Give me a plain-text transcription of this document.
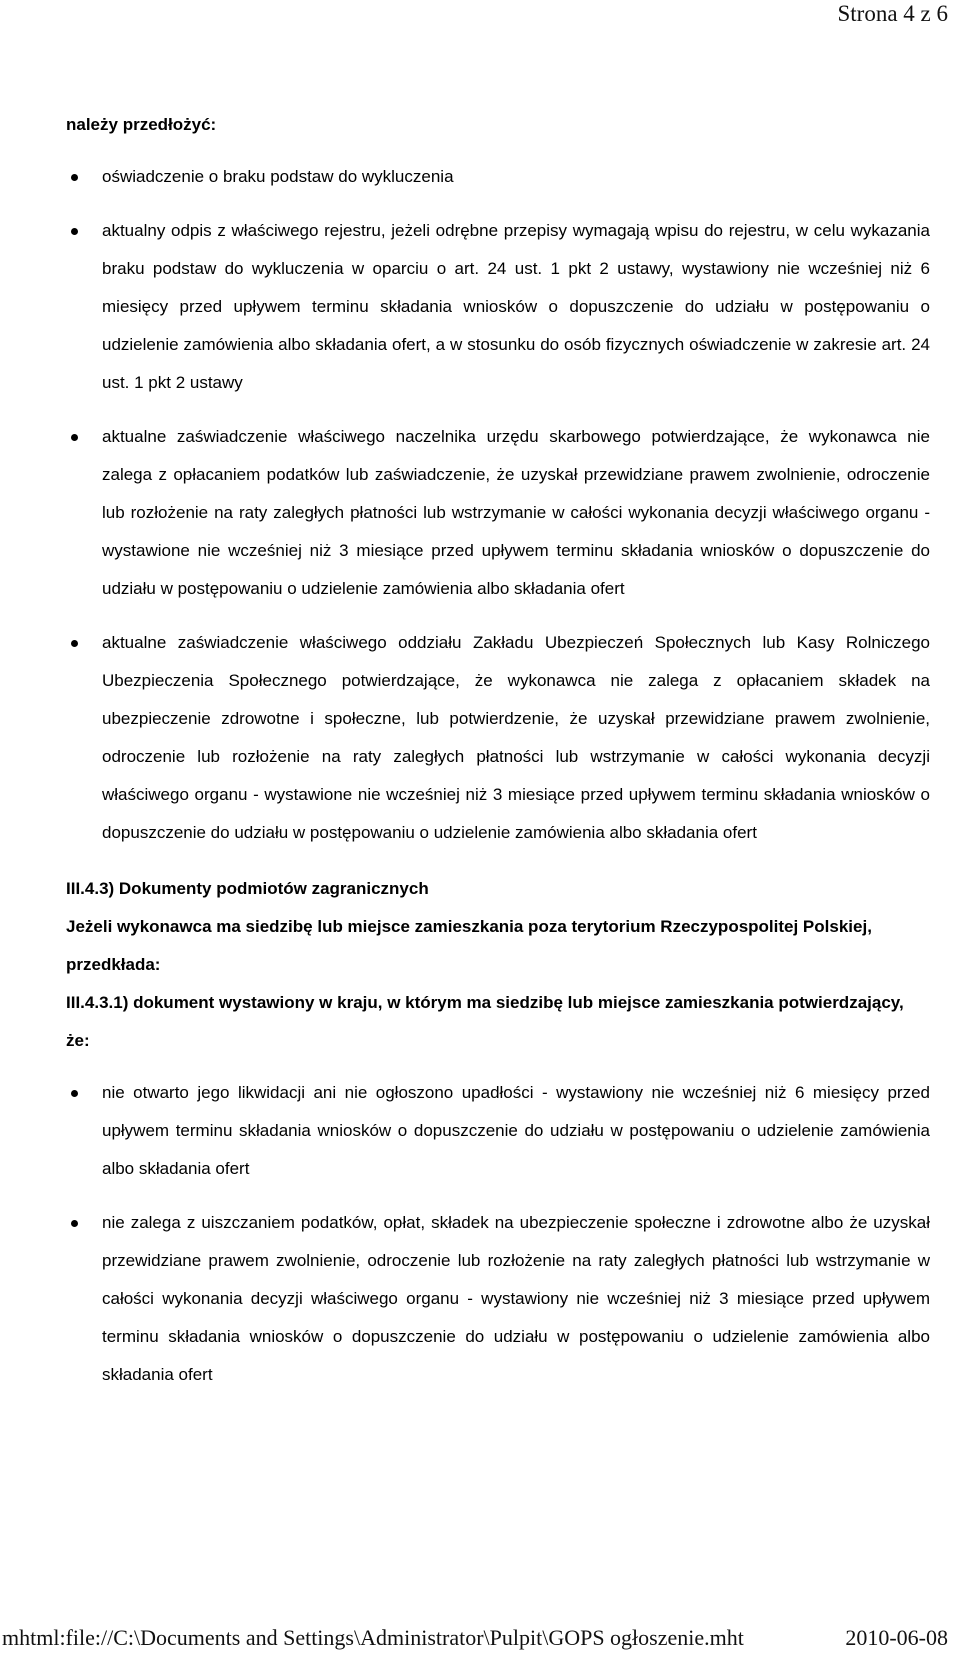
Strona 4 z 6

należy przedłożyć:

oświadczenie o braku podstaw do wykluczenia
aktualny odpis z właściwego rejestru, jeżeli odrębne przepisy wymagają wpisu do rejestru, w celu wykazania braku podstaw do wykluczenia w oparciu o art. 24 ust. 1 pkt 2 ustawy, wystawiony nie wcześniej niż 6 miesięcy przed upływem terminu składania wniosków o dopuszczenie do udziału w postępowaniu o udzielenie zamówienia albo składania ofert, a w stosunku do osób fizycznych oświadczenie w zakresie art. 24 ust. 1 pkt 2 ustawy
aktualne zaświadczenie właściwego naczelnika urzędu skarbowego potwierdzające, że wykonawca nie zalega z opłacaniem podatków lub zaświadczenie, że uzyskał przewidziane prawem zwolnienie, odroczenie lub rozłożenie na raty zaległych płatności lub wstrzymanie w całości wykonania decyzji właściwego organu - wystawione nie wcześniej niż 3 miesiące przed upływem terminu składania wniosków o dopuszczenie do udziału w postępowaniu o udzielenie zamówienia albo składania ofert
aktualne zaświadczenie właściwego oddziału Zakładu Ubezpieczeń Społecznych lub Kasy Rolniczego Ubezpieczenia Społecznego potwierdzające, że wykonawca nie zalega z opłacaniem składek na ubezpieczenie zdrowotne i społeczne, lub potwierdzenie, że uzyskał przewidziane prawem zwolnienie, odroczenie lub rozłożenie na raty zaległych płatności lub wstrzymanie w całości wykonania decyzji właściwego organu - wystawione nie wcześniej niż 3 miesiące przed upływem terminu składania wniosków o dopuszczenie do udziału w postępowaniu o udzielenie zamówienia albo składania ofert

III.4.3) Dokumenty podmiotów zagranicznych

Jeżeli wykonawca ma siedzibę lub miejsce zamieszkania poza terytorium Rzeczypospolitej Polskiej, przedkłada:

III.4.3.1) dokument wystawiony w kraju, w którym ma siedzibę lub miejsce zamieszkania potwierdzający, że:

nie otwarto jego likwidacji ani nie ogłoszono upadłości - wystawiony nie wcześniej niż 6 miesięcy przed upływem terminu składania wniosków o dopuszczenie do udziału w postępowaniu o udzielenie zamówienia albo składania ofert
nie zalega z uiszczaniem podatków, opłat, składek na ubezpieczenie społeczne i zdrowotne albo że uzyskał przewidziane prawem zwolnienie, odroczenie lub rozłożenie na raty zaległych płatności lub wstrzymanie w całości wykonania decyzji właściwego organu - wystawiony nie wcześniej niż 3 miesiące przed upływem terminu składania wniosków o dopuszczenie do udziału w postępowaniu o udzielenie zamówienia albo składania ofert
mhtml:file://C:\Documents and Settings\Administrator\Pulpit\GOPS ogłoszenie.mht	2010-06-08
